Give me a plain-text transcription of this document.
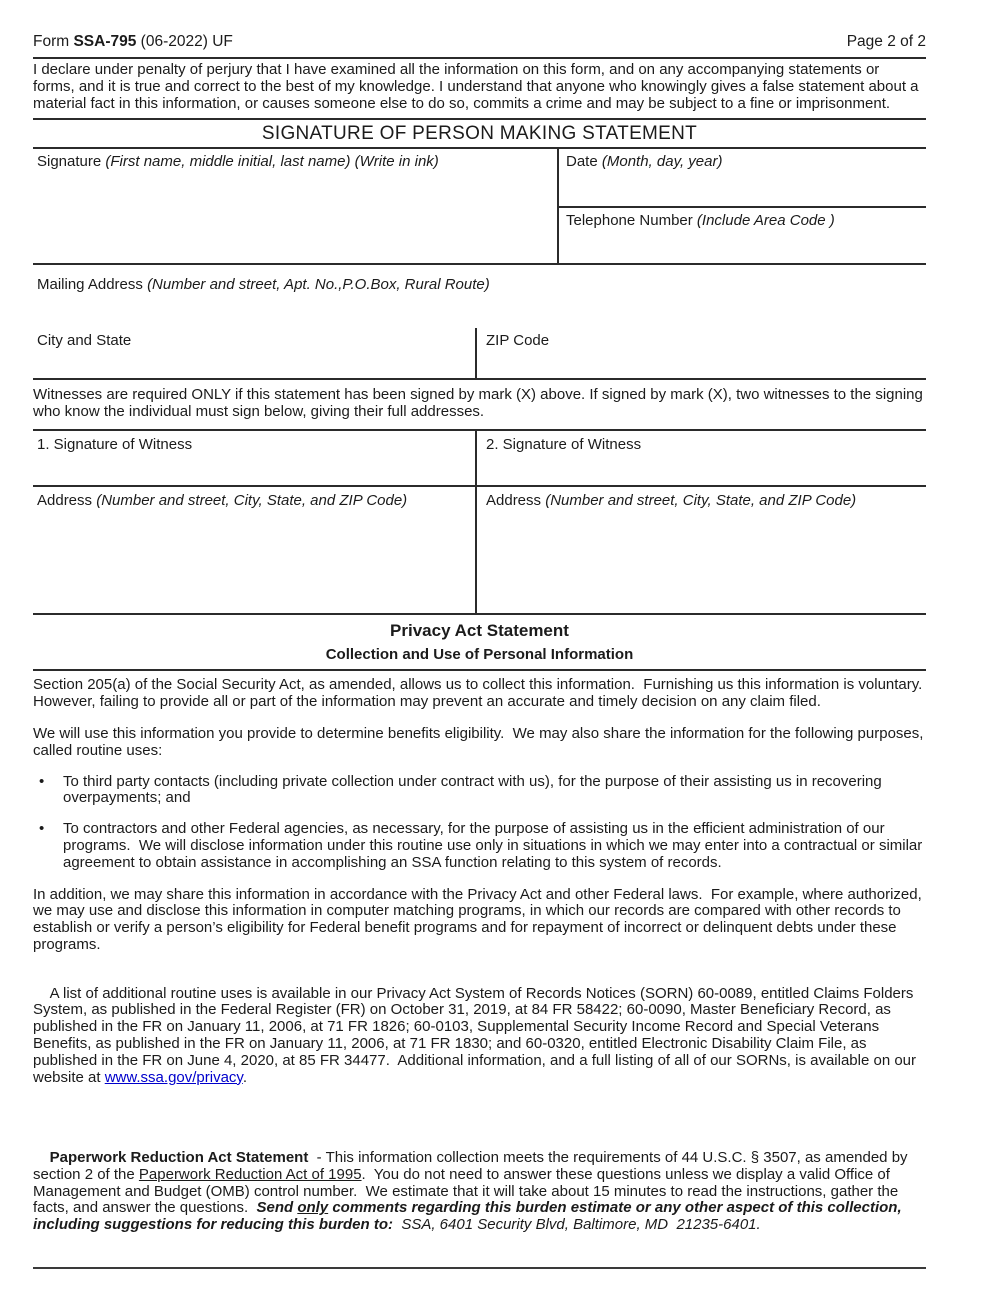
Form SSA-795 (06-2022) UF	Page 2 of 2
I declare under penalty of perjury that I have examined all the information on this form, and on any accompanying statements or forms, and it is true and correct to the best of my knowledge. I understand that anyone who knowingly gives a false statement about a material fact in this information, or causes someone else to do so, commits a crime and may be subject to a fine or imprisonment.
SIGNATURE OF PERSON MAKING STATEMENT
Signature (First name, middle initial, last name) (Write in ink)	Date (Month, day, year)
Telephone Number (Include Area Code )
Mailing Address (Number and street, Apt. No.,P.O.Box, Rural Route)
City and State	ZIP Code
Witnesses are required ONLY if this statement has been signed by mark (X) above. If signed by mark (X), two witnesses to the signing who know the individual must sign below, giving their full addresses.
1. Signature of Witness	2. Signature of Witness
Address (Number and street, City, State, and ZIP Code)	Address (Number and street, City, State, and ZIP Code)
Privacy Act Statement
Collection and Use of Personal Information
Section 205(a) of the Social Security Act, as amended, allows us to collect this information.  Furnishing us this information is voluntary.  However, failing to provide all or part of the information may prevent an accurate and timely decision on any claim filed.
We will use this information you provide to determine benefits eligibility.  We may also share the information for the following purposes, called routine uses:
•	To third party contacts (including private collection under contract with us), for the purpose of their assisting us in recovering overpayments; and
•	To contractors and other Federal agencies, as necessary, for the purpose of assisting us in the efficient administration of our programs.  We will disclose information under this routine use only in situations in which we may enter into a contractual or similar agreement to obtain assistance in accomplishing an SSA function relating to this system of records.
In addition, we may share this information in accordance with the Privacy Act and other Federal laws.  For example, where authorized, we may use and disclose this information in computer matching programs, in which our records are compared with other records to establish or verify a person’s eligibility for Federal benefit programs and for repayment of incorrect or delinquent debts under these programs.

A list of additional routine uses is available in our Privacy Act System of Records Notices (SORN) 60-0089, entitled Claims Folders System, as published in the Federal Register (FR) on October 31, 2019, at 84 FR 58422; 60-0090, Master Beneficiary Record, as published in the FR on January 11, 2006, at 71 FR 1826; 60-0103, Supplemental Security Income Record and Special Veterans Benefits, as published in the FR on January 11, 2006, at 71 FR 1830; and 60-0320, entitled Electronic Disability Claim File, as published in the FR on June 4, 2020, at 85 FR 34477.  Additional information, and a full listing of all of our SORNs, is available on our website at www.ssa.gov/privacy.

Paperwork Reduction Act Statement  - This information collection meets the requirements of 44 U.S.C. § 3507, as amended by section 2 of the Paperwork Reduction Act of 1995.  You do not need to answer these questions unless we display a valid Office of Management and Budget (OMB) control number.  We estimate that it will take about 15 minutes to read the instructions, gather the facts, and answer the questions.  Send only comments regarding this burden estimate or any other aspect of this collection, including suggestions for reducing this burden to:  SSA, 6401 Security Blvd, Baltimore, MD  21235-6401.
